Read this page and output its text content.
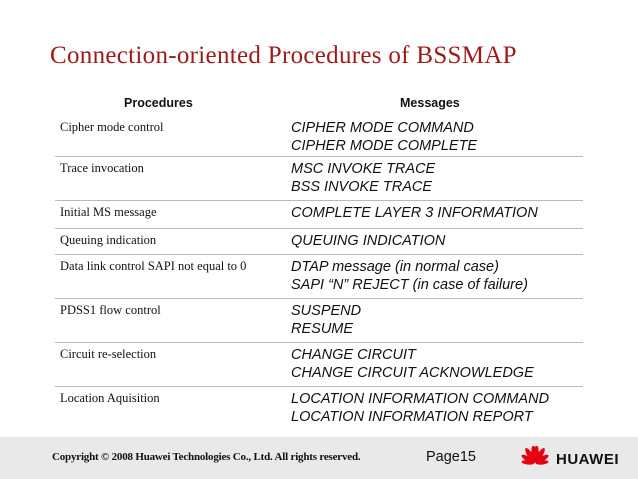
Connection-oriented Procedures of BSSMAP
Procedures	Messages
Cipher mode control	CIPHER MODE COMMAND
CIPHER MODE COMPLETE
Trace invocation	MSC INVOKE TRACE
BSS INVOKE TRACE
Initial MS message	COMPLETE LAYER 3 INFORMATION
Queuing indication	QUEUING INDICATION
Data link control SAPI not equal to 0	DTAP message (in normal case)
SAPI “N” REJECT (in case of failure)
PDSS1 flow control	SUSPEND
RESUME
Circuit re-selection	CHANGE CIRCUIT
CHANGE CIRCUIT ACKNOWLEDGE
Location Aquisition	LOCATION INFORMATION COMMAND
LOCATION INFORMATION REPORT
Copyright © 2008 Huawei Technologies Co., Ltd. All rights reserved.	Page15	HUAWEI
